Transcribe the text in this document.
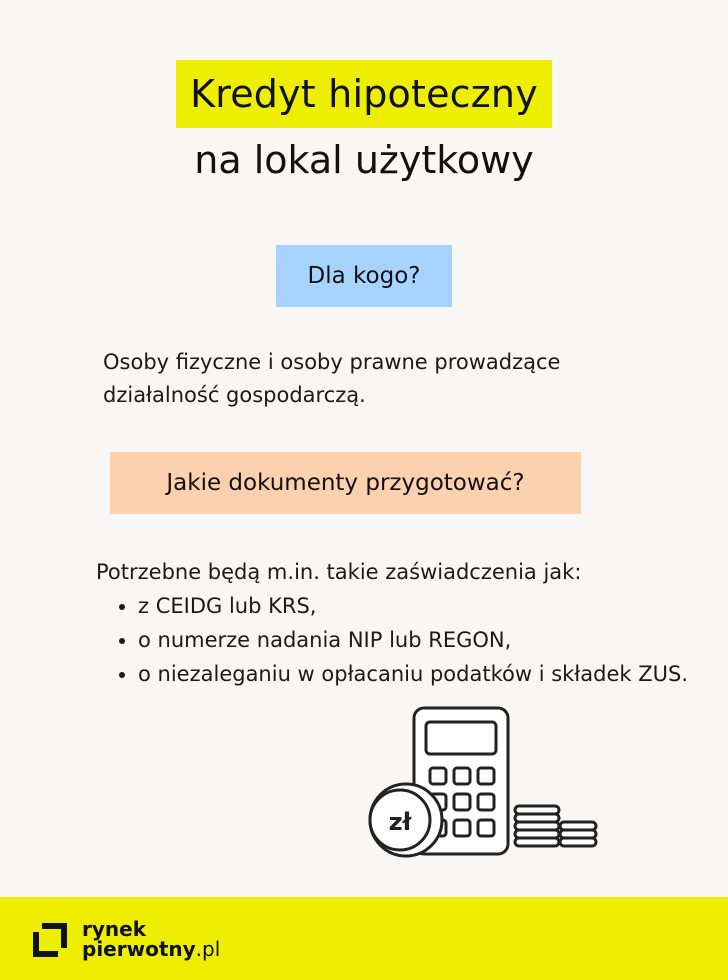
Kredyt hipoteczny
na lokal użytkowy
Dla kogo?
Osoby fizyczne i osoby prawne prowadzące działalność gospodarczą.
Jakie dokumenty przygotować?
Potrzebne będą m.in. takie zaświadczenia jak:
• z CEIDG lub KRS,
• o numerze nadania NIP lub REGON,
• o niezaleganiu w opłacaniu podatków i składek ZUS.
zł
rynek
pierwotny.pl
